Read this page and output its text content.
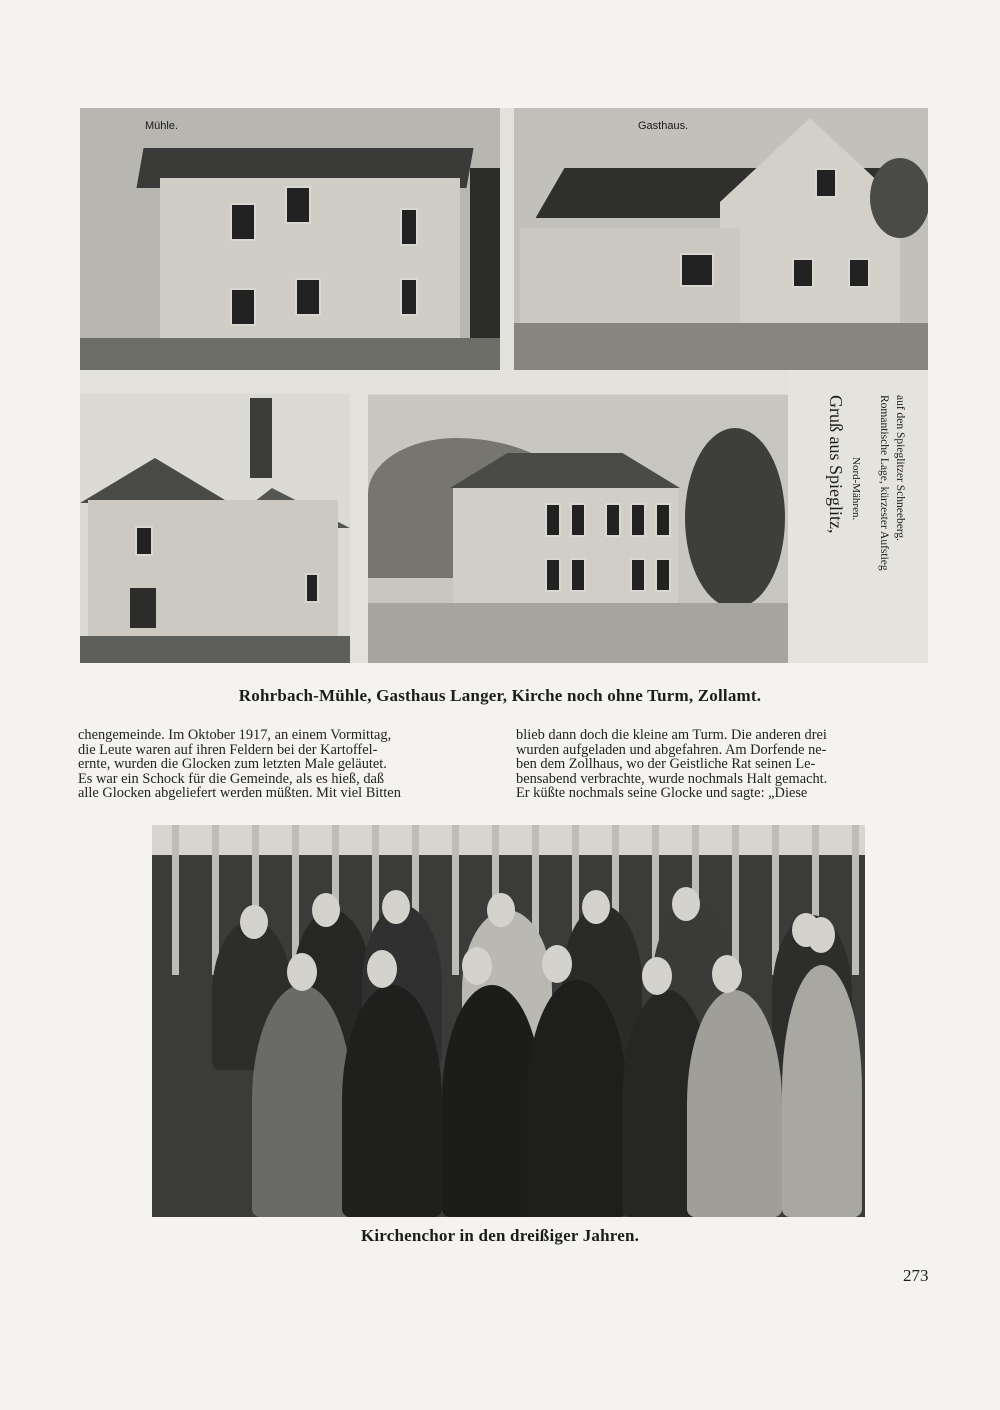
Mühle.	Gasthaus.
Gruß aus Spieglitz, Nord-Mähren. Romantische Lage, kürzester Aufstieg auf den Spieglitzer Schneeberg.
Rohrbach-Mühle, Gasthaus Langer, Kirche noch ohne Turm, Zollamt.
chengemeinde. Im Oktober 1917, an einem Vormittag,
die Leute waren auf ihren Feldern bei der Kartoffel-
ernte, wurden die Glocken zum letzten Male geläutet.
Es war ein Schock für die Gemeinde, als es hieß, daß
alle Glocken abgeliefert werden müßten. Mit viel Bitten
blieb dann doch die kleine am Turm. Die anderen drei
wurden aufgeladen und abgefahren. Am Dorfende ne-
ben dem Zollhaus, wo der Geistliche Rat seinen Le-
bensabend verbrachte, wurde nochmals Halt gemacht.
Er küßte nochmals seine Glocke und sagte: „Diese
Kirchenchor in den dreißiger Jahren.
273
